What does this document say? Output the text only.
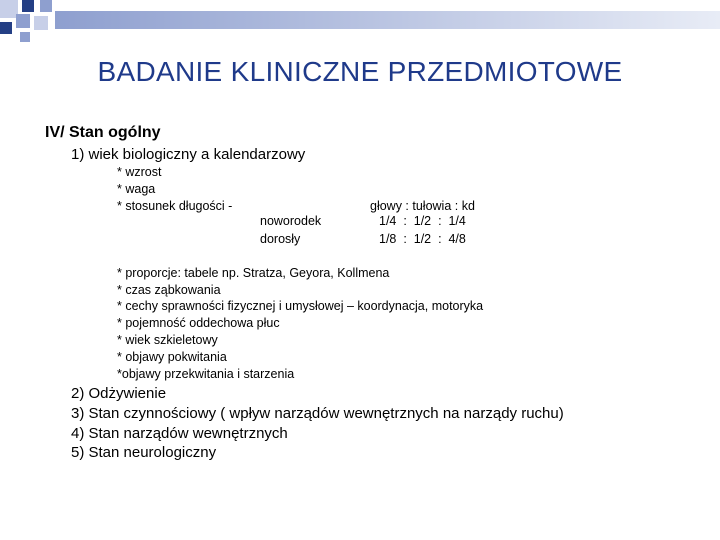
BADANIE KLINICZNE PRZEDMIOTOWE
IV/ Stan ogólny
1) wiek biologiczny a kalendarzowy
* wzrost
* waga
* stosunek długości -	głowy : tułowia : kd
noworodek	1/4  :  1/2  :  1/4
dorosły	1/8  :  1/2  :  4/8
* proporcje: tabele np. Stratza, Geyora, Kollmena
* czas ząbkowania
* cechy sprawności fizycznej i umysłowej – koordynacja, motoryka
* pojemność oddechowa płuc
* wiek szkieletowy
* objawy pokwitania
*objawy przekwitania i starzenia
2) Odżywienie
3) Stan czynnościowy ( wpływ narządów wewnętrznych na narządy ruchu)
4) Stan narządów wewnętrznych
5) Stan neurologiczny
